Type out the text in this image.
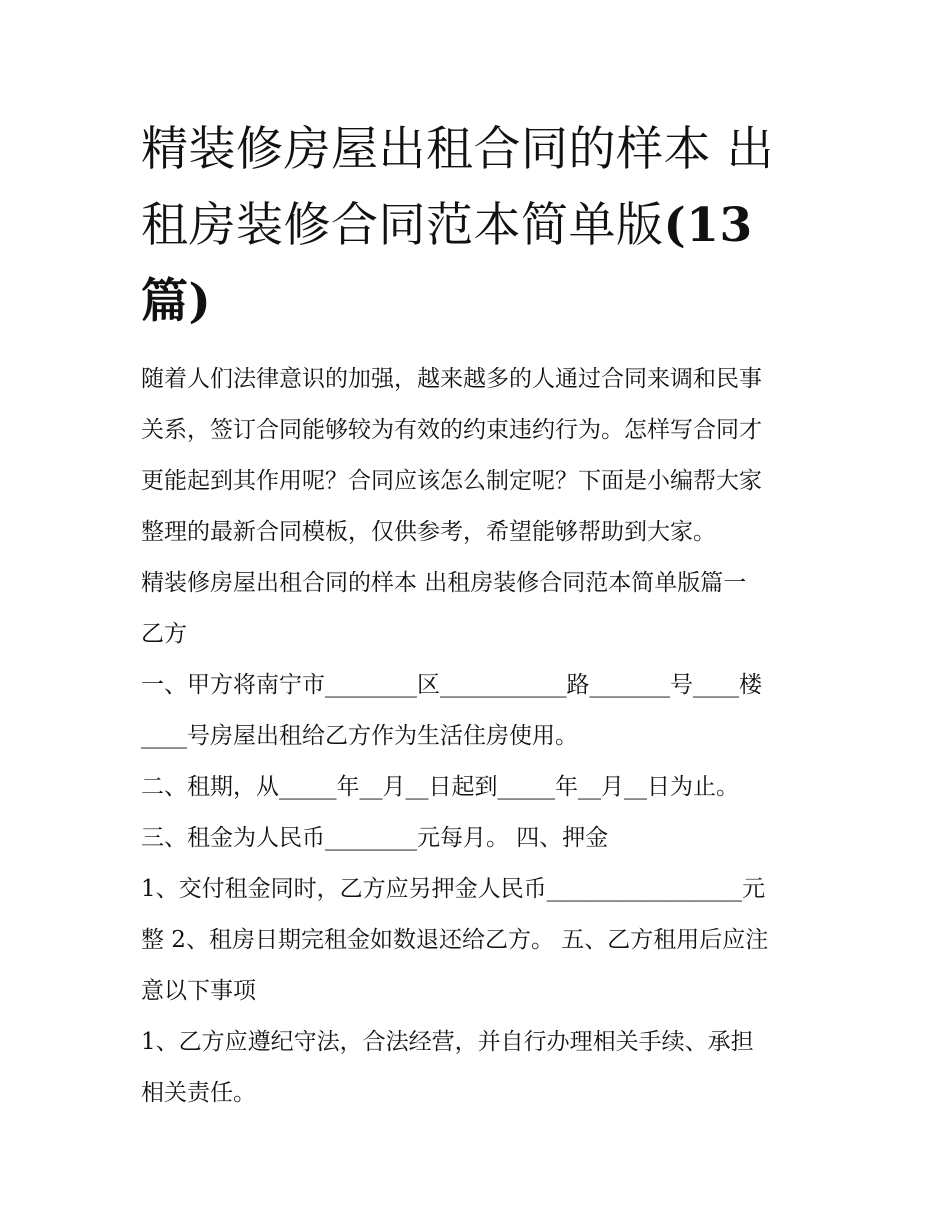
精装修房屋出租合同的样本 出
租房装修合同范本简单版(13
篇)
随着人们法律意识的加强，越来越多的人通过合同来调和民事
关系，签订合同能够较为有效的约束违约行为。怎样写合同才
更能起到其作用呢？合同应该怎么制定呢？下面是小编帮大家
整理的最新合同模板，仅供参考，希望能够帮助到大家。
精装修房屋出租合同的样本 出租房装修合同范本简单版篇一
乙方
一、甲方将南宁市________区___________路_______号____楼
____号房屋出租给乙方作为生活住房使用。
二、租期，从_____年__月__日起到_____年__月__日为止。
三、租金为人民币________元每月。 四、押金
1、交付租金同时，乙方应另押金人民币_________________元
整 2、租房日期完租金如数退还给乙方。 五、乙方租用后应注
意以下事项
1、乙方应遵纪守法，合法经营，并自行办理相关手续、承担
相关责任。
